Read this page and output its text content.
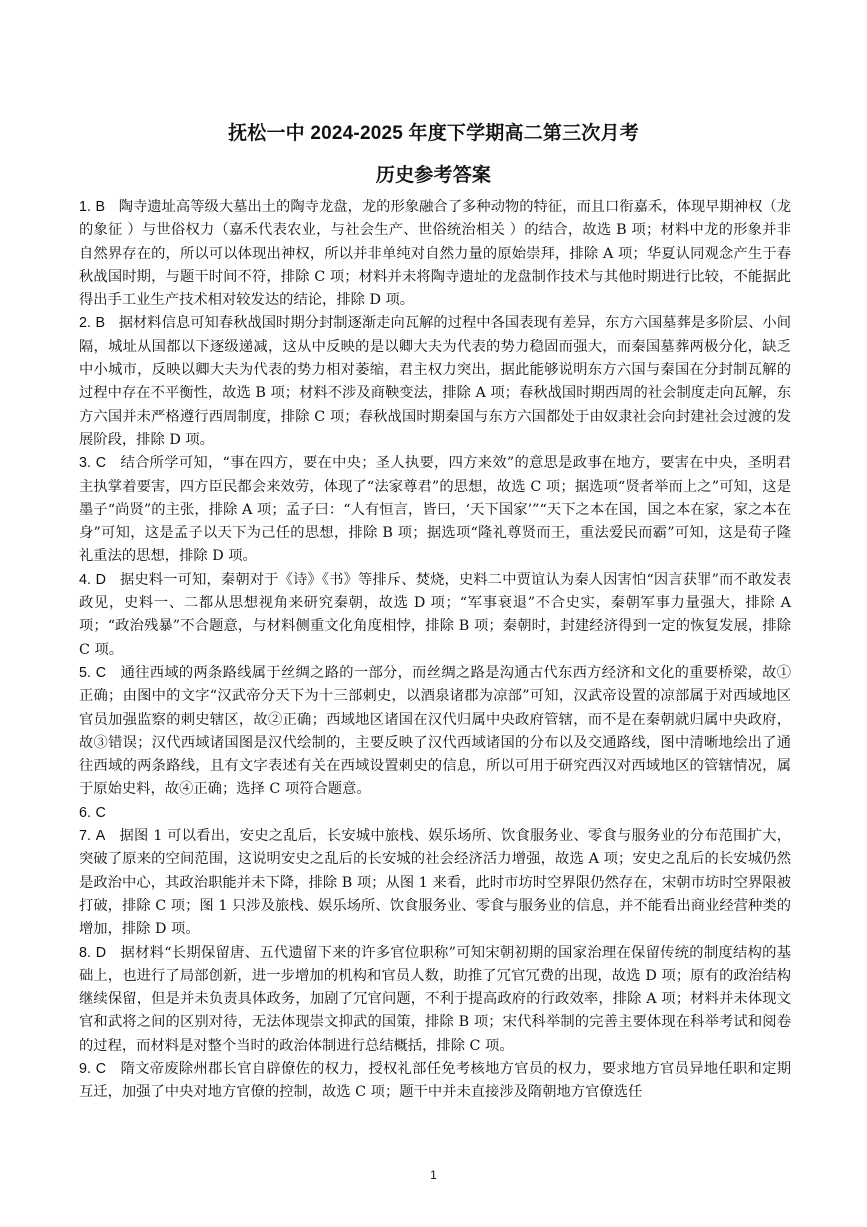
抚松一中 2024-2025 年度下学期高二第三次月考
历史参考答案

1. B 陶寺遗址高等级大墓出土的陶寺龙盘，龙的形象融合了多种动物的特征，而且口衔嘉禾，体现早期神权（龙的象征 ）与世俗权力（嘉禾代表农业，与社会生产、世俗统治相关 ）的结合，故选 B 项；材料中龙的形象并非自然界存在的，所以可以体现出神权，所以并非单纯对自然力量的原始崇拜，排除 A 项；华夏认同观念产生于春秋战国时期，与题干时间不符，排除 C 项；材料并未将陶寺遗址的龙盘制作技术与其他时期进行比较，不能据此得出手工业生产技术相对较发达的结论，排除 D 项。

2. B 据材料信息可知春秋战国时期分封制逐渐走向瓦解的过程中各国表现有差异，东方六国墓葬是多阶层、小间隔，城址从国都以下逐级递减，这从中反映的是以卿大夫为代表的势力稳固而强大，而秦国墓葬两极分化，缺乏中小城市，反映以卿大夫为代表的势力相对萎缩，君主权力突出，据此能够说明东方六国与秦国在分封制瓦解的过程中存在不平衡性，故选 B 项；材料不涉及商鞅变法，排除 A 项；春秋战国时期西周的社会制度走向瓦解，东方六国并未严格遵行西周制度，排除 C 项；春秋战国时期秦国与东方六国都处于由奴隶社会向封建社会过渡的发展阶段，排除 D 项。

3. C 结合所学可知，“事在四方，要在中央；圣人执要，四方来效”的意思是政事在地方，要害在中央，圣明君主执掌着要害，四方臣民都会来效劳，体现了“法家尊君”的思想，故选 C 项；据选项“贤者举而上之”可知，这是墨子“尚贤”的主张，排除 A 项；孟子曰：“人有恒言，皆曰，‘天下国家’”“天下之本在国，国之本在家，家之本在身”可知，这是孟子以天下为己任的思想，排除 B 项；据选项“隆礼尊贤而王，重法爱民而霸”可知，这是荀子隆礼重法的思想，排除 D 项。

4. D 据史料一可知，秦朝对于《诗》《书》等排斥、焚烧，史料二中贾谊认为秦人因害怕“因言获罪”而不敢发表政见，史料一、二都从思想视角来研究秦朝，故选 D 项；“军事衰退”不合史实，秦朝军事力量强大，排除 A 项；“政治残暴”不合题意，与材料侧重文化角度相悖，排除 B 项；秦朝时，封建经济得到一定的恢复发展，排除 C 项。

5. C 通往西域的两条路线属于丝绸之路的一部分，而丝绸之路是沟通古代东西方经济和文化的重要桥梁，故①正确；由图中的文字“汉武帝分天下为十三部刺史，以酒泉诸郡为凉部”可知，汉武帝设置的凉部属于对西域地区官员加强监察的刺史辖区，故②正确；西域地区诸国在汉代归属中央政府管辖，而不是在秦朝就归属中央政府，故③错误；汉代西域诸国图是汉代绘制的，主要反映了汉代西域诸国的分布以及交通路线，图中清晰地绘出了通往西域的两条路线，且有文字表述有关在西域设置刺史的信息，所以可用于研究西汉对西域地区的管辖情况，属于原始史料，故④正确；选择 C 项符合题意。

6. C

7. A 据图 1 可以看出，安史之乱后，长安城中旅栈、娱乐场所、饮食服务业、零食与服务业的分布范围扩大，突破了原来的空间范围，这说明安史之乱后的长安城的社会经济活力增强，故选 A 项；安史之乱后的长安城仍然是政治中心，其政治职能并未下降，排除 B 项；从图 1 来看，此时市坊时空界限仍然存在，宋朝市坊时空界限被打破，排除 C 项；图 1 只涉及旅栈、娱乐场所、饮食服务业、零食与服务业的信息，并不能看出商业经营种类的增加，排除 D 项。

8. D 据材料“长期保留唐、五代遗留下来的许多官位职称”可知宋朝初期的国家治理在保留传统的制度结构的基础上，也进行了局部创新，进一步增加的机构和官员人数，助推了冗官冗费的出现，故选 D 项；原有的政治结构继续保留，但是并未负责具体政务，加剧了冗官问题，不利于提高政府的行政效率，排除 A 项；材料并未体现文官和武将之间的区别对待，无法体现崇文抑武的国策，排除 B 项；宋代科举制的完善主要体现在科举考试和阅卷的过程，而材料是对整个当时的政治体制进行总结概括，排除 C 项。

9. C 隋文帝废除州郡长官自辟僚佐的权力，授权礼部任免考核地方官员的权力，要求地方官员异地任职和定期互迁，加强了中央对地方官僚的控制，故选 C 项；题干中并未直接涉及隋朝地方官僚选任

1
